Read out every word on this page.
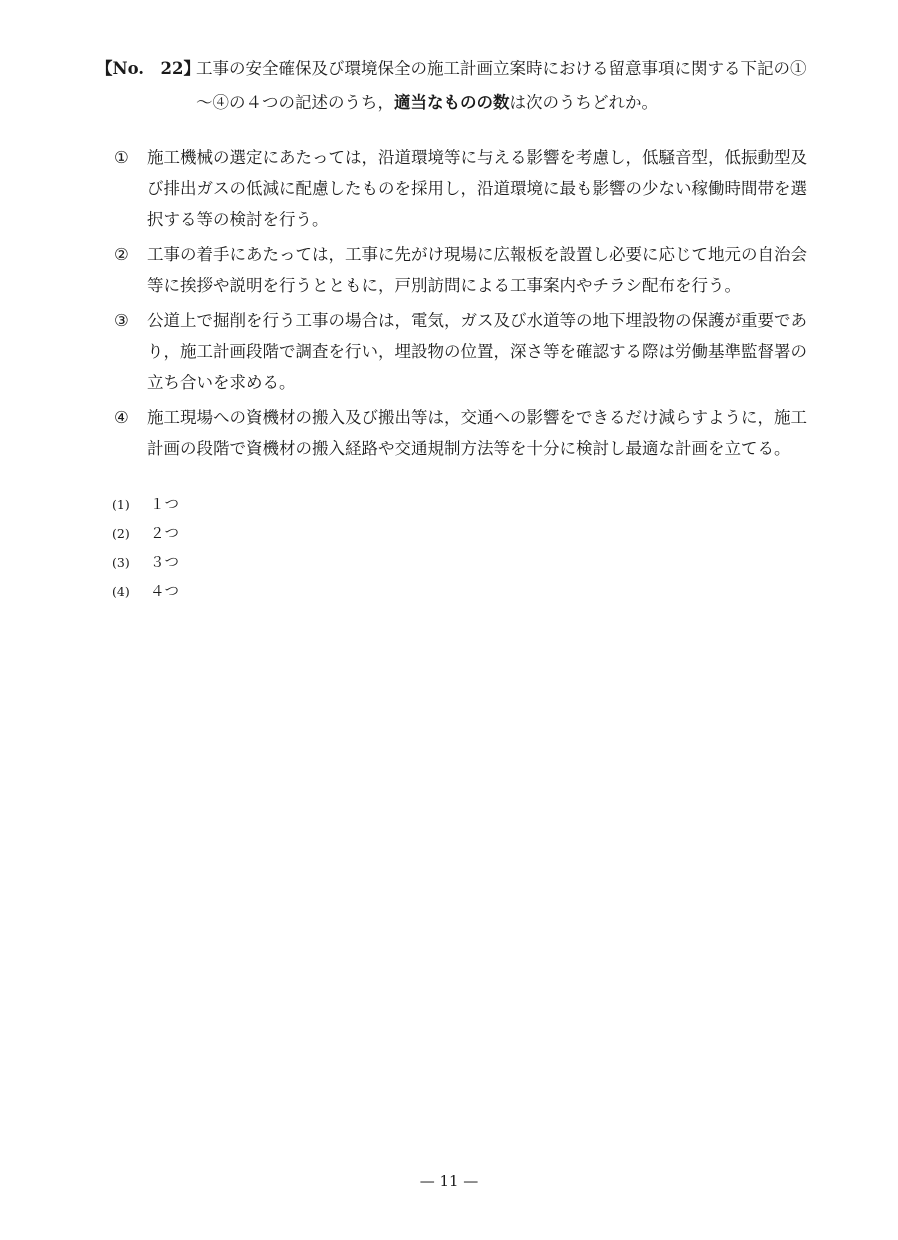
【No.　22】
工事の安全確保及び環境保全の施工計画立案時における留意事項に関する下記の①～④の４つの記述のうち，適当なものの数は次のうちどれか。
① 施工機械の選定にあたっては，沿道環境等に与える影響を考慮し，低騒音型，低振動型及び排出ガスの低減に配慮したものを採用し，沿道環境に最も影響の少ない稼働時間帯を選択する等の検討を行う。
② 工事の着手にあたっては，工事に先がけ現場に広報板を設置し必要に応じて地元の自治会等に挨拶や説明を行うとともに，戸別訪問による工事案内やチラシ配布を行う。
③ 公道上で掘削を行う工事の場合は，電気，ガス及び水道等の地下埋設物の保護が重要であり，施工計画段階で調査を行い，埋設物の位置，深さ等を確認する際は労働基準監督署の立ち合いを求める。
④ 施工現場への資機材の搬入及び搬出等は，交通への影響をできるだけ減らすように，施工計画の段階で資機材の搬入経路や交通規制方法等を十分に検討し最適な計画を立てる。
(1) １つ
(2) ２つ
(3) ３つ
(4) ４つ
— 11 —
